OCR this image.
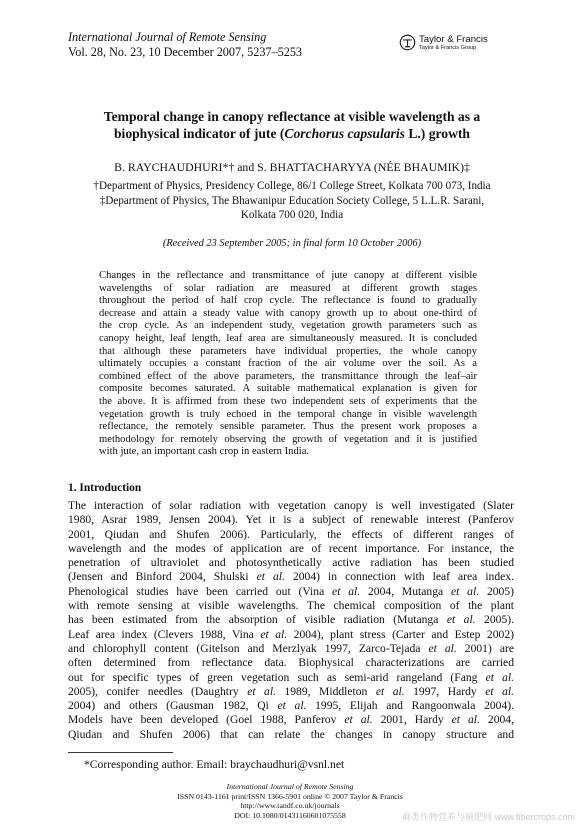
International Journal of Remote Sensing
Vol. 28, No. 23, 10 December 2007, 5237–5253
Taylor & Francis
Taylor & Francis Group
Temporal change in canopy reflectance at visible wavelength as a
biophysical indicator of jute (Corchorus capsularis L.) growth
B. RAYCHAUDHURI*† and S. BHATTACHARYYA (NÉE BHAUMIK)‡
†Department of Physics, Presidency College, 86/1 College Street, Kolkata 700 073, India
‡Department of Physics, The Bhawanipur Education Society College, 5 L.L.R. Sarani,
Kolkata 700 020, India
(Received 23 September 2005; in final form 10 October 2006)
Changes in the reflectance and transmittance of jute canopy at different visible
wavelengths of solar radiation are measured at different growth stages
throughout the period of half crop cycle. The reflectance is found to gradually
decrease and attain a steady value with canopy growth up to about one-third of
the crop cycle. As an independent study, vegetation growth parameters such as
canopy height, leaf length, leaf area are simultaneously measured. It is concluded
that although these parameters have individual properties, the whole canopy
ultimately occupies a constant fraction of the air volume over the soil. As a
combined effect of the above parameters, the transmittance through the leaf–air
composite becomes saturated. A suitable mathematical explanation is given for
the above. It is affirmed from these two independent sets of experiments that the
vegetation growth is truly echoed in the temporal change in visible wavelength
reflectance, the remotely sensible parameter. Thus the present work proposes a
methodology for remotely observing the growth of vegetation and it is justified
with jute, an important cash crop in eastern India.
1. Introduction
The interaction of solar radiation with vegetation canopy is well investigated (Slater
1980, Asrar 1989, Jensen 2004). Yet it is a subject of renewable interest (Panferov
2001, Qiudan and Shufen 2006). Particularly, the effects of different ranges of
wavelength and the modes of application are of recent importance. For instance, the
penetration of ultraviolet and photosynthetically active radiation has been studied
(Jensen and Binford 2004, Shulski et al. 2004) in connection with leaf area index.
Phenological studies have been carried out (Vina et al. 2004, Mutanga et al. 2005)
with remote sensing at visible wavelengths. The chemical composition of the plant
has been estimated from the absorption of visible radiation (Mutanga et al. 2005).
Leaf area index (Clevers 1988, Vina et al. 2004), plant stress (Carter and Estep 2002)
and chlorophyll content (Gitelson and Merzlyak 1997, Zarco-Tejada et al. 2001) are
often determined from reflectance data. Biophysical characterizations are carried
out for specific types of green vegetation such as semi-arid rangeland (Fang et al.
2005), conifer needles (Daughtry et al. 1989, Middleton et al. 1997, Hardy et al.
2004) and others (Gausman 1982, Qi et al. 1995, Elijah and Rangoonwala 2004).
Models have been developed (Goel 1988, Panferov et al. 2001, Hardy et al. 2004,
Qiudan and Shufen 2006) that can relate the changes in canopy structure and
*Corresponding author. Email: braychaudhuri@vsnl.net
International Journal of Remote Sensing
ISSN 0143-1161 print/ISSN 1366-5901 online © 2007 Taylor & Francis
http://www.tandf.co.uk/journals
DOI: 10.1080/01431160601075558	麻类作物营养与施肥网 www.fibercrops.com
